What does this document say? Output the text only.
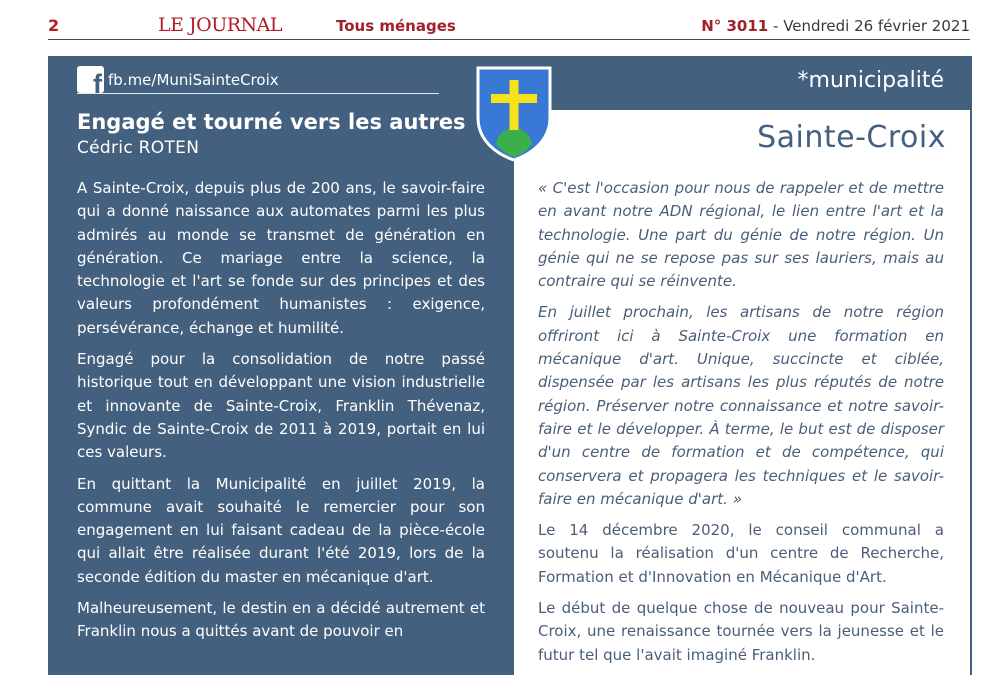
2	LE JOURNAL	Tous ménages	N° 3011 - Vendredi 26 février 2021
f fb.me/MuniSainteCroix
Engagé et tourné vers les autres
Cédric ROTEN

A Sainte-Croix, depuis plus de 200 ans, le savoir-faire qui a donné naissance aux automates parmi les plus admirés au monde se transmet de génération en génération. Ce mariage entre la science, la technologie et l'art se fonde sur des principes et des valeurs profondément humanistes : exigence, persévérance, échange et humilité.

Engagé pour la consolidation de notre passé historique tout en développant une vision industrielle et innovante de Sainte-Croix, Franklin Thévenaz, Syndic de Sainte-Croix de 2011 à 2019, portait en lui ces valeurs.

En quittant la Municipalité en juillet 2019, la commune avait souhaité le remercier pour son engagement en lui faisant cadeau de la pièce-école qui allait être réalisée durant l'été 2019, lors de la seconde édition du master en mécanique d'art.

Malheureusement, le destin en a décidé autrement et Franklin nous a quittés avant de pouvoir en

*municipalité
Sainte-Croix

« C'est l'occasion pour nous de rappeler et de mettre en avant notre ADN régional, le lien entre l'art et la technologie. Une part du génie de notre région. Un génie qui ne se repose pas sur ses lauriers, mais au contraire qui se réinvente.

En juillet prochain, les artisans de notre région offriront ici à Sainte-Croix une formation en mécanique d'art. Unique, succincte et ciblée, dispensée par les artisans les plus réputés de notre région. Préserver notre connaissance et notre savoir-faire et le développer. À terme, le but est de disposer d'un centre de formation et de compétence, qui conservera et propagera les techniques et le savoir-faire en mécanique d'art. »

Le 14 décembre 2020, le conseil communal a soutenu la réalisation d'un centre de Recherche, Formation et d'Innovation en Mécanique d'Art.

Le début de quelque chose de nouveau pour Sainte-Croix, une renaissance tournée vers la jeunesse et le futur tel que l'avait imaginé Franklin.
